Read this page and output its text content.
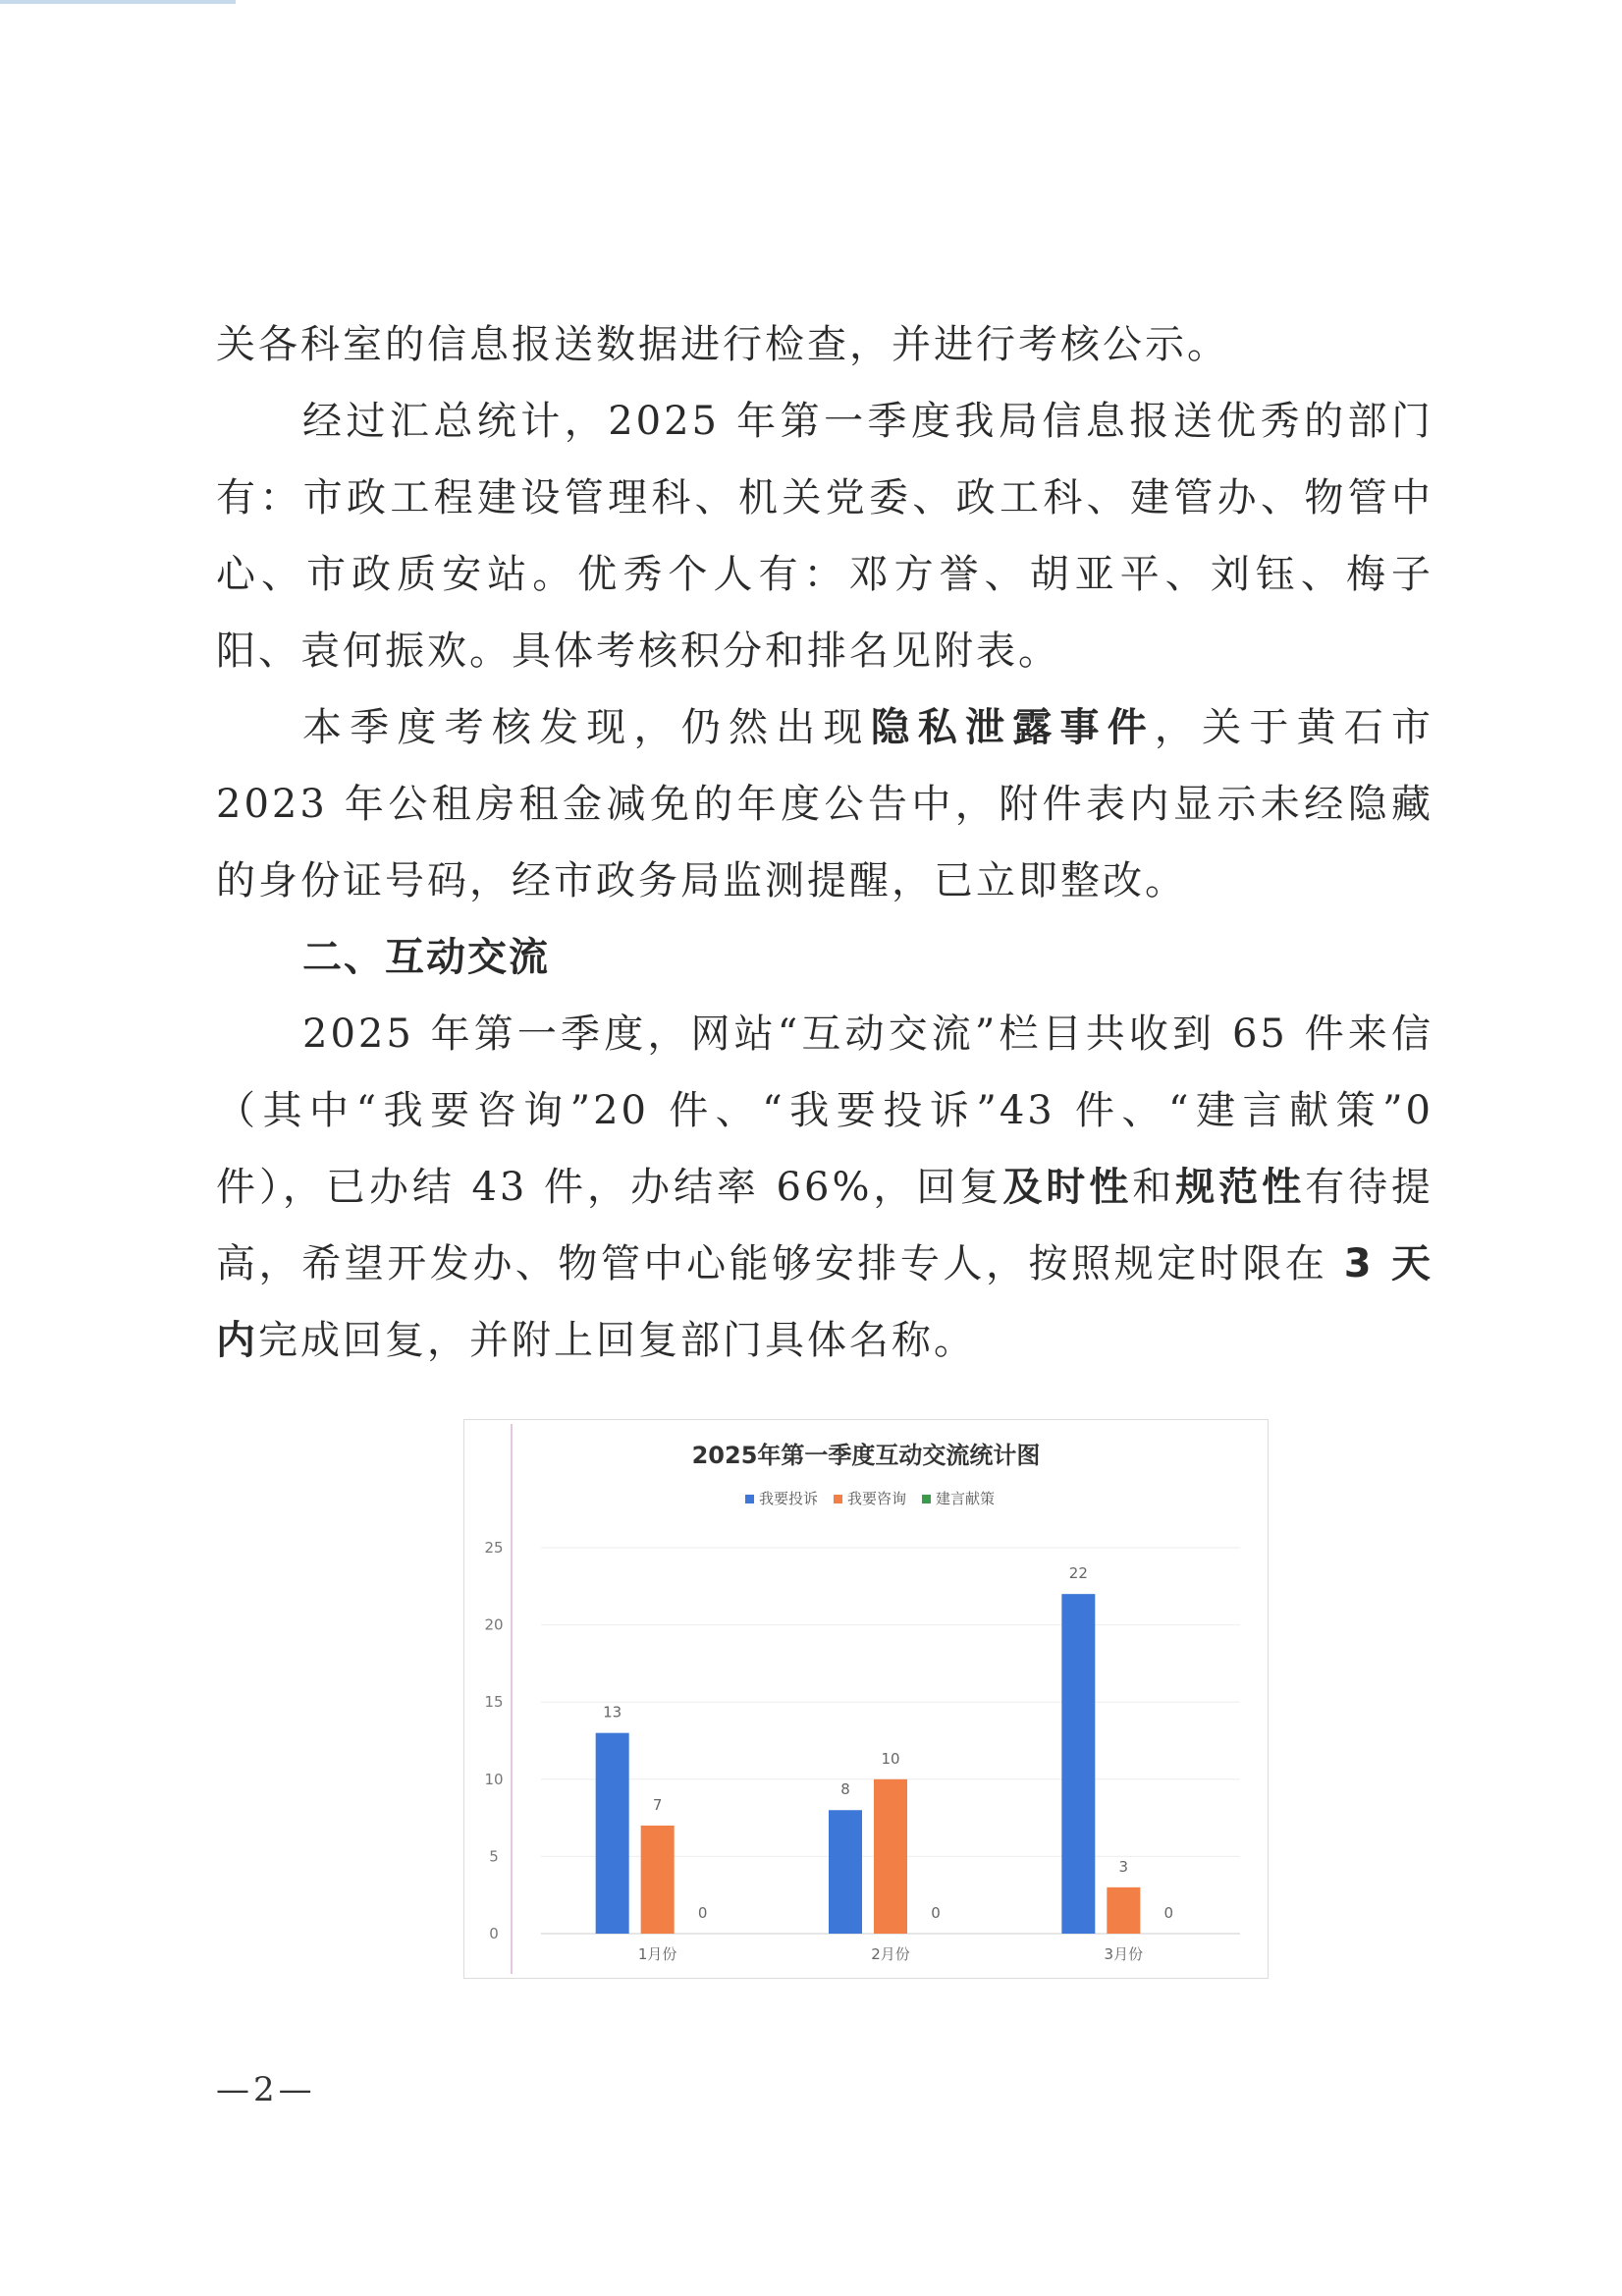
关各科室的信息报送数据进行检查，并进行考核公示。

经过汇总统计，2025 年第一季度我局信息报送优秀的部门有：市政工程建设管理科、机关党委、政工科、建管办、物管中心、市政质安站。优秀个人有：邓方誉、胡亚平、刘钰、梅子阳、袁何振欢。具体考核积分和排名见附表。

本季度考核发现，仍然出现隐私泄露事件，关于黄石市 2023 年公租房租金减免的年度公告中，附件表内显示未经隐藏的身份证号码，经市政务局监测提醒，已立即整改。

二、互动交流

2025 年第一季度，网站“互动交流”栏目共收到 65 件来信（其中“我要咨询”20 件、“我要投诉”43 件、“建言献策”0 件），已办结 43 件，办结率 66%，回复及时性和规范性有待提高，希望开发办、物管中心能够安排专人，按照规定时限在 3 天内完成回复，并附上回复部门具体名称。

2025年第一季度互动交流统计图
我要投诉 我要咨询 建言献策
0
5
10
15
20
25
13
7
0
1月份
8
10
0
2月份
22
3
0
3月份
—2—
